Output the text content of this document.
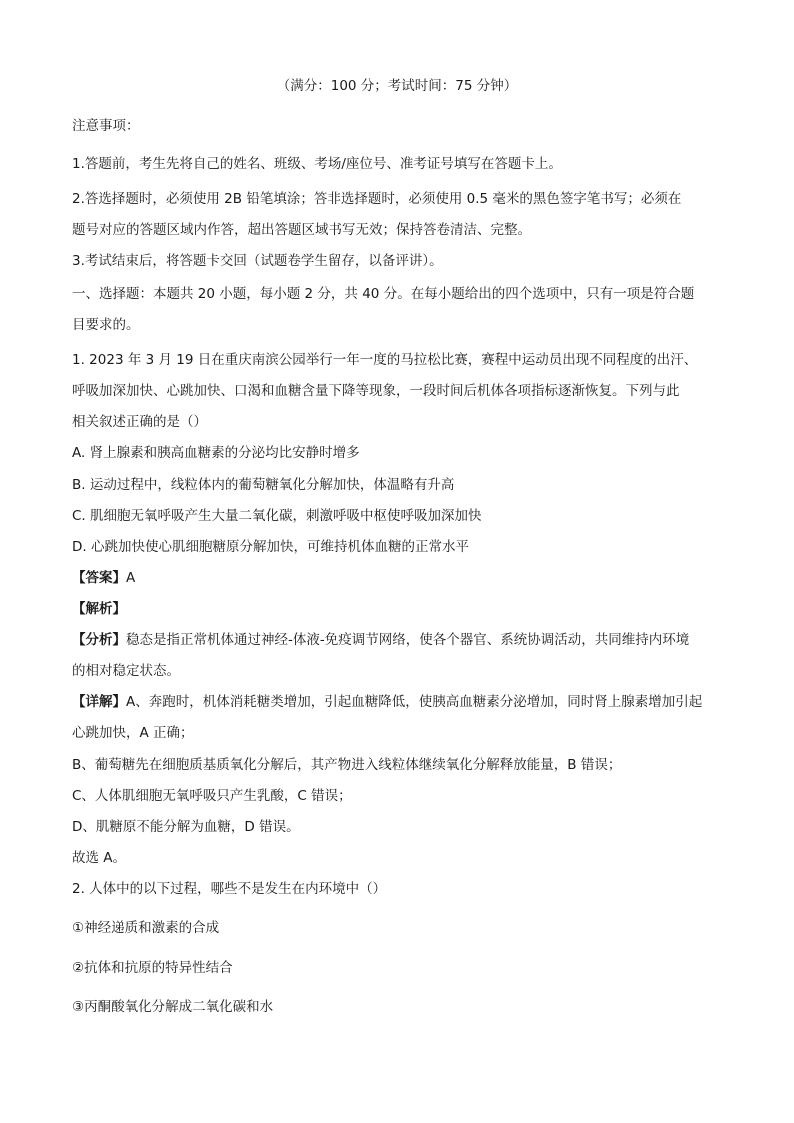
（满分：100 分；考试时间：75 分钟）
注意事项：
1.答题前，考生先将自己的姓名、班级、考场/座位号、准考证号填写在答题卡上。
2.答选择题时，必须使用 2B 铅笔填涂；答非选择题时，必须使用 0.5 毫米的黑色签字笔书写；必须在
题号对应的答题区域内作答，超出答题区域书写无效；保持答卷清洁、完整。
3.考试结束后，将答题卡交回（试题卷学生留存，以备评讲）。
一、选择题：本题共 20 小题，每小题 2 分，共 40 分。在每小题给出的四个选项中，只有一项是符合题
目要求的。
1. 2023 年 3 月 19 日在重庆南滨公园举行一年一度的马拉松比赛，赛程中运动员出现不同程度的出汗、
呼吸加深加快、心跳加快、口渴和血糖含量下降等现象，一段时间后机体各项指标逐渐恢复。下列与此
相关叙述正确的是（）
A. 肾上腺素和胰高血糖素的分泌均比安静时增多
B. 运动过程中，线粒体内的葡萄糖氧化分解加快，体温略有升高
C. 肌细胞无氧呼吸产生大量二氧化碳，刺激呼吸中枢使呼吸加深加快
D. 心跳加快使心肌细胞糖原分解加快，可维持机体血糖的正常水平
【答案】A
【解析】
【分析】稳态是指正常机体通过神经-体液-免疫调节网络，使各个器官、系统协调活动，共同维持内环境
的相对稳定状态。
【详解】A、奔跑时，机体消耗糖类增加，引起血糖降低，使胰高血糖素分泌增加，同时肾上腺素增加引起
心跳加快，A 正确；
B、葡萄糖先在细胞质基质氧化分解后，其产物进入线粒体继续氧化分解释放能量，B 错误；
C、人体肌细胞无氧呼吸只产生乳酸，C 错误；
D、肌糖原不能分解为血糖，D 错误。
故选 A。
2. 人体中的以下过程，哪些不是发生在内环境中（）
①神经递质和激素的合成
②抗体和抗原的特异性结合
③丙酮酸氧化分解成二氧化碳和水
